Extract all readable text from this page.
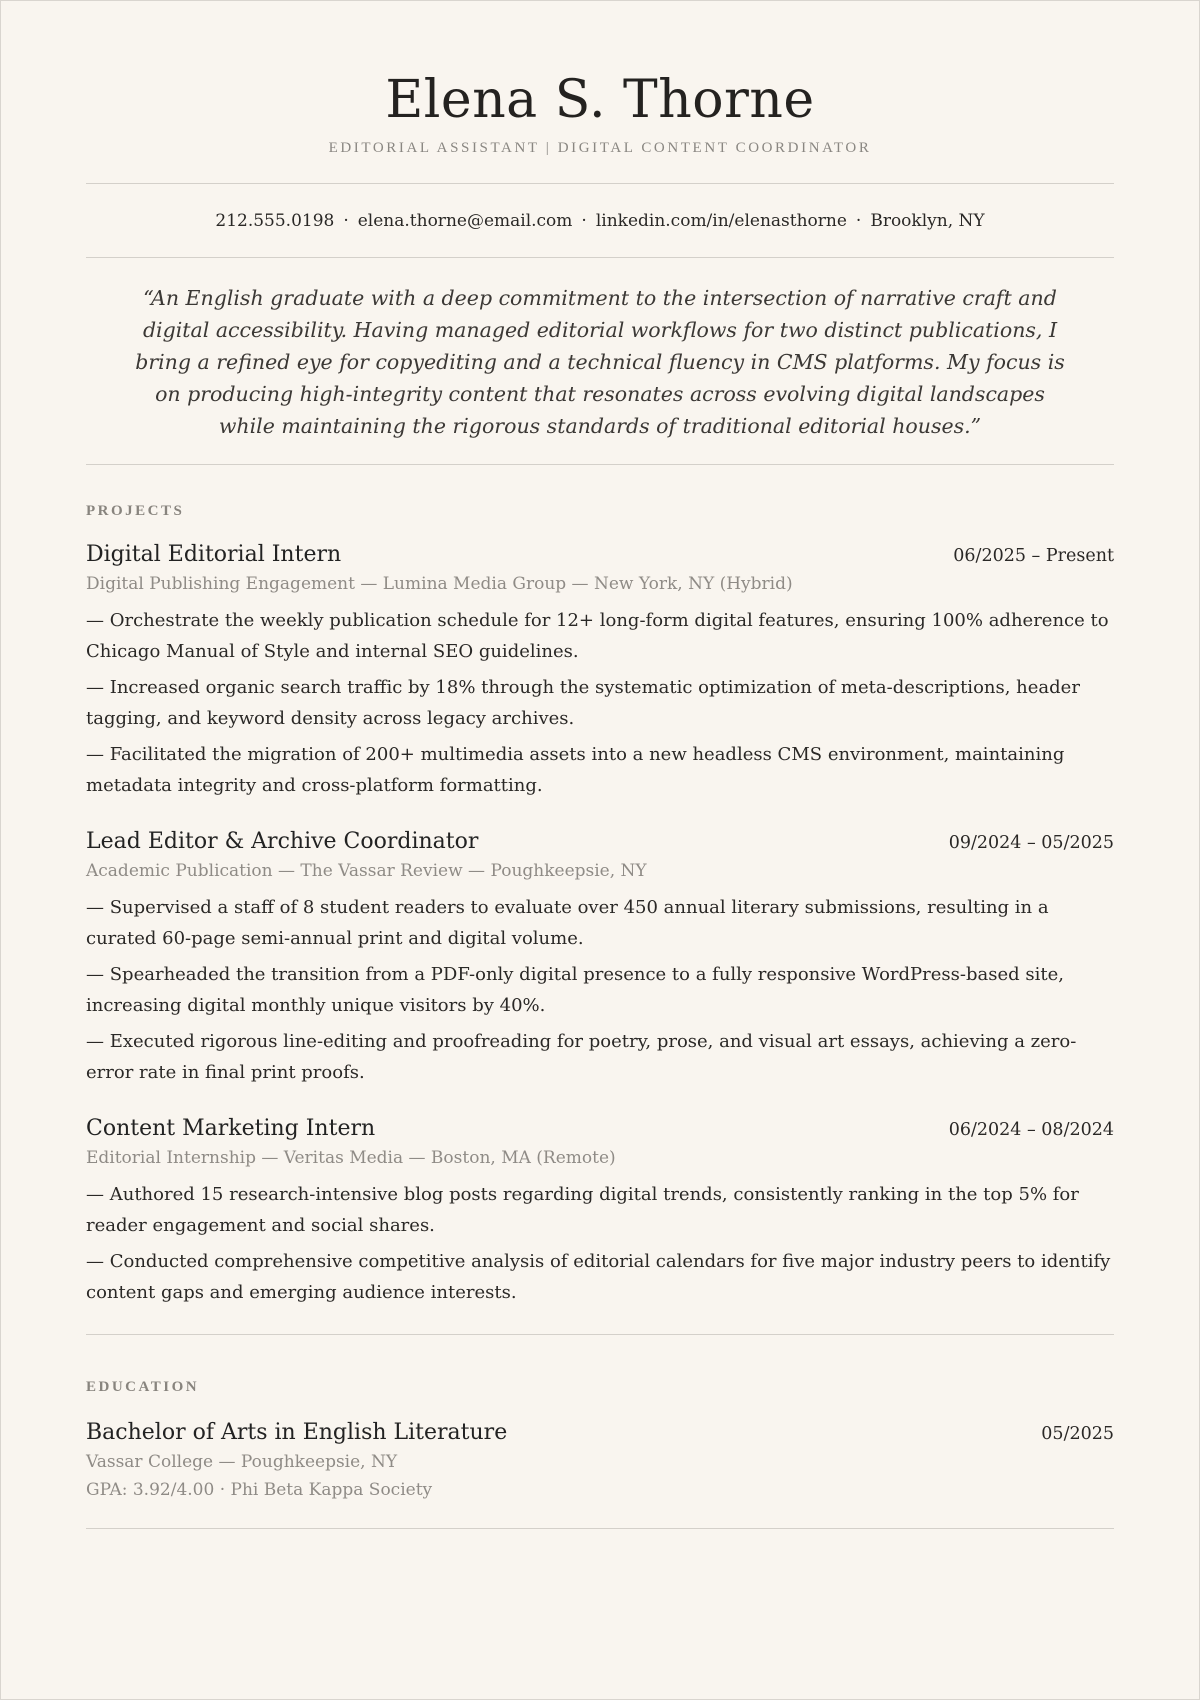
Elena S. Thorne
EDITORIAL ASSISTANT | DIGITAL CONTENT COORDINATOR
212.555.0198 · elena.thorne@email.com · linkedin.com/in/elenasthorne · Brooklyn, NY
“An English graduate with a deep commitment to the intersection of narrative craft and digital accessibility. Having managed editorial workflows for two distinct publications, I bring a refined eye for copyediting and a technical fluency in CMS platforms. My focus is on producing high-integrity content that resonates across evolving digital landscapes while maintaining the rigorous standards of traditional editorial houses.”
PROJECTS
Digital Editorial Intern	06/2025 – Present
Digital Publishing Engagement — Lumina Media Group — New York, NY (Hybrid)
— Orchestrate the weekly publication schedule for 12+ long-form digital features, ensuring 100% adherence to Chicago Manual of Style and internal SEO guidelines.
— Increased organic search traffic by 18% through the systematic optimization of meta-descriptions, header tagging, and keyword density across legacy archives.
— Facilitated the migration of 200+ multimedia assets into a new headless CMS environment, maintaining metadata integrity and cross-platform formatting.
Lead Editor & Archive Coordinator	09/2024 – 05/2025
Academic Publication — The Vassar Review — Poughkeepsie, NY
— Supervised a staff of 8 student readers to evaluate over 450 annual literary submissions, resulting in a curated 60-page semi-annual print and digital volume.
— Spearheaded the transition from a PDF-only digital presence to a fully responsive WordPress-based site, increasing digital monthly unique visitors by 40%.
— Executed rigorous line-editing and proofreading for poetry, prose, and visual art essays, achieving a zero-error rate in final print proofs.
Content Marketing Intern	06/2024 – 08/2024
Editorial Internship — Veritas Media — Boston, MA (Remote)
— Authored 15 research-intensive blog posts regarding digital trends, consistently ranking in the top 5% for reader engagement and social shares.
— Conducted comprehensive competitive analysis of editorial calendars for five major industry peers to identify content gaps and emerging audience interests.
EDUCATION
Bachelor of Arts in English Literature	05/2025
Vassar College — Poughkeepsie, NY
GPA: 3.92/4.00 · Phi Beta Kappa Society
